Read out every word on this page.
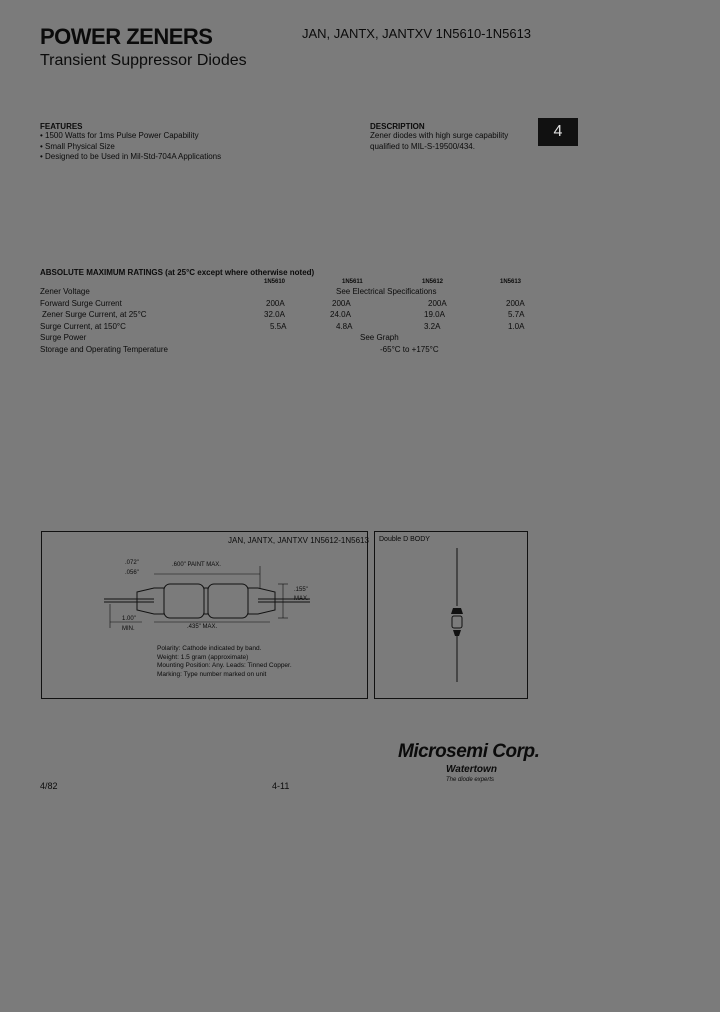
POWER ZENERS
Transient Suppressor Diodes
JAN, JANTX, JANTXV 1N5610-1N5613
4
FEATURES
• 1500 Watts for 1ms Pulse Power Capability
• Small Physical Size
• Designed to be Used in Mil-Std-704A Applications
DESCRIPTION
Zener diodes with high surge capability
qualified to MIL-S-19500/434.
ABSOLUTE MAXIMUM RATINGS (at 25°C except where otherwise noted)
1N5610	1N5611	1N5612	1N5613
Zener Voltage	See Electrical Specifications
Forward Surge Current	200A	200A	200A	200A
Zener Surge Current, at 25°C	32.0A	24.0A	19.0A	5.7A
Surge Current, at 150°C	5.5A	4.8A	3.2A	1.0A
Surge Power	See Graph
Storage and Operating Temperature	-65°C to +175°C
JAN, JANTX, JANTXV 1N5612-1N5613
.072"
.056"
.600" PAINT MAX.
.155"
MAX.
1.00"
MIN.	.435" MAX.
Polarity: Cathode indicated by band.
Weight: 1.5 gram (approximate)
Mounting Position: Any. Leads: Tinned Copper.
Marking: Type number marked on unit
Double D BODY
Microsemi Corp.
Watertown
The diode experts
4/82	4-11
